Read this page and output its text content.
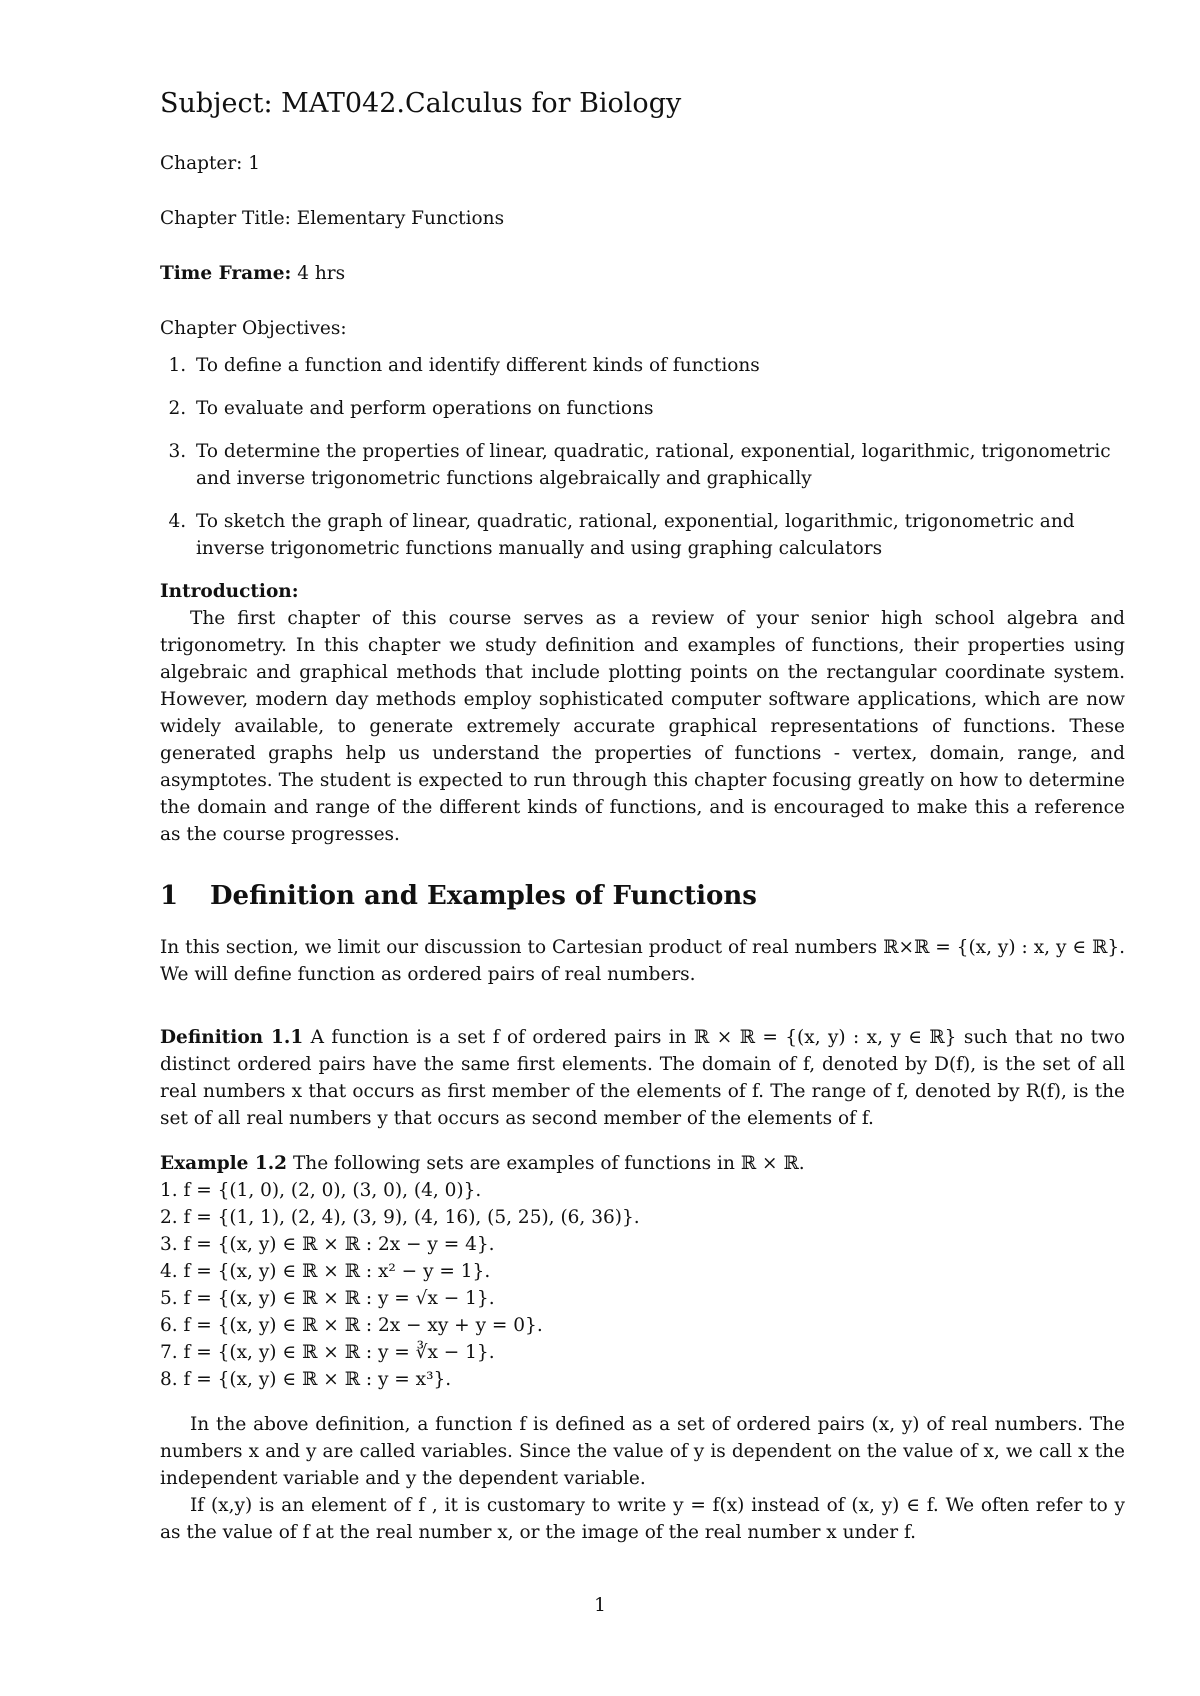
Subject: MAT042.Calculus for Biology
Chapter: 1
Chapter Title: Elementary Functions
Time Frame: 4 hrs
Chapter Objectives:
1. To define a function and identify different kinds of functions
2. To evaluate and perform operations on functions
3. To determine the properties of linear, quadratic, rational, exponential, logarithmic, trigonometric and inverse trigonometric functions algebraically and graphically
4. To sketch the graph of linear, quadratic, rational, exponential, logarithmic, trigonometric and inverse trigonometric functions manually and using graphing calculators
Introduction:

The first chapter of this course serves as a review of your senior high school algebra and trigonometry. In this chapter we study definition and examples of functions, their properties using algebraic and graphical methods that include plotting points on the rectangular coordinate system. However, modern day methods employ sophisticated computer software applications, which are now widely available, to generate extremely accurate graphical representations of functions. These generated graphs help us understand the properties of functions - vertex, domain, range, and asymptotes. The student is expected to run through this chapter focusing greatly on how to determine the domain and range of the different kinds of functions, and is encouraged to make this a reference as the course progresses.

1 Definition and Examples of Functions

In this section, we limit our discussion to Cartesian product of real numbers ℝ×ℝ = {(x, y) : x, y ∈ ℝ}. We will define function as ordered pairs of real numbers.

Definition 1.1 A function is a set f of ordered pairs in ℝ × ℝ = {(x, y) : x, y ∈ ℝ} such that no two distinct ordered pairs have the same first elements. The domain of f, denoted by D(f), is the set of all real numbers x that occurs as first member of the elements of f. The range of f, denoted by R(f), is the set of all real numbers y that occurs as second member of the elements of f.

Example 1.2 The following sets are examples of functions in ℝ × ℝ.

1. f = {(1, 0), (2, 0), (3, 0), (4, 0)}.
2. f = {(1, 1), (2, 4), (3, 9), (4, 16), (5, 25), (6, 36)}.
3. f = {(x, y) ∈ ℝ × ℝ : 2x − y = 4}.
4. f = {(x, y) ∈ ℝ × ℝ : x² − y = 1}.
5. f = {(x, y) ∈ ℝ × ℝ : y = √x − 1}.
6. f = {(x, y) ∈ ℝ × ℝ : 2x − xy + y = 0}.
7. f = {(x, y) ∈ ℝ × ℝ : y = ∛x − 1}.
8. f = {(x, y) ∈ ℝ × ℝ : y = x³}.

In the above definition, a function f is defined as a set of ordered pairs (x, y) of real numbers. The numbers x and y are called variables. Since the value of y is dependent on the value of x, we call x the independent variable and y the dependent variable.

If (x,y) is an element of f , it is customary to write y = f(x) instead of (x, y) ∈ f. We often refer to y as the value of f at the real number x, or the image of the real number x under f.

1
